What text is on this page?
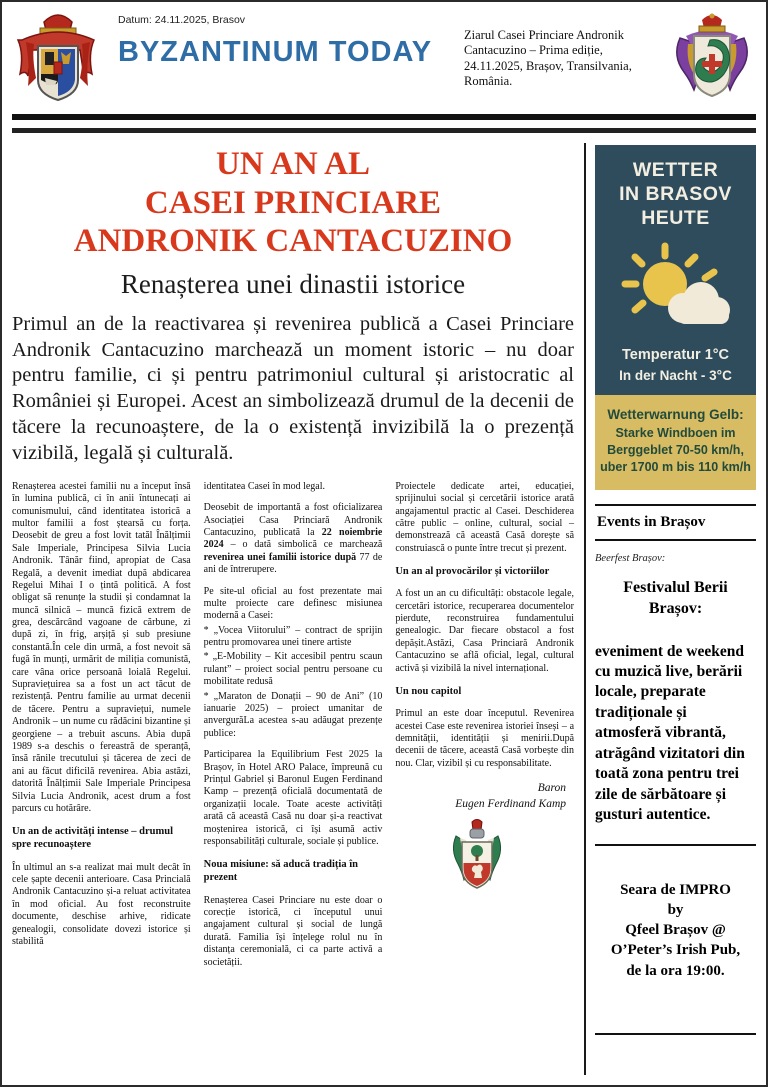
Datum: 24.11.2025, Brasov
BYZANTINUM TODAY
Ziarul Casei Princiare Andronik Cantacuzino – Prima ediție, 24.11.2025, Brașov, Transilvania, România.
UN AN AL
CASEI PRINCIARE
ANDRONIK CANTACUZINO
Renașterea unei dinastii istorice

Primul an de la reactivarea și revenirea publică a Casei Princiare Andronik Cantacuzino marchează un moment istoric – nu doar pentru familie, ci și pentru patrimoniul cultural și aristocratic al României și Europei. Acest an simbolizează drumul de la decenii de tăcere la recunoaștere, de la o existență invizibilă la o prezență vizibilă, legală și culturală.

Renașterea acestei familii nu a început însă în lumina publică, ci în anii întunecați ai comunismului, când identitatea istorică a multor familii a fost ștearsă cu forța. Deosebit de greu a fost lovit tatăl Înălțimii Sale Imperiale, Principesa Silvia Lucia Andronik. Tânăr fiind, apropiat de Casa Regală, a devenit imediat după abdicarea Regelui Mihai I o țintă politică. A fost obligat să renunțe la studii și condamnat la muncă silnică – muncă fizică extrem de grea, descărcând vagoane de cărbune, zi după zi, în frig, arșiță și sub presiune constantă.În cele din urmă, a fost nevoit să fugă în munți, urmărit de miliția comunistă, care vâna orice persoană loială Regelui. Supraviețuirea sa a fost un act tăcut de rezistență. Pentru familie au urmat decenii de tăcere. Pentru a supraviețui, numele Andronik – un nume cu rădăcini bizantine și georgiene – a trebuit ascuns. Abia după 1989 s-a deschis o fereastră de speranță, însă rănile trecutului și tăcerea de zeci de ani au făcut dificilă revenirea. Abia astăzi, datorită Înălțimii Sale Imperiale Principesa Silvia Lucia Andronik, acest drum a fost parcurs cu hotărâre.

Un an de activități intense – drumul spre recunoaștere

În ultimul an s-a realizat mai mult decât în cele șapte decenii anterioare. Casa Princială Andronik Cantacuzino și-a reluat activitatea în mod oficial. Au fost reconstruite documente, deschise arhive, ridicate genealogii, consolidate dovezi istorice și stabilită

identitatea Casei în mod legal.

Deosebit de importantă a fost oficializarea Asociației Casa Princiară Andronik Cantacuzino, publicată la 22 noiembrie 2024 – o dată simbolică ce marchează revenirea unei familii istorice după 77 de ani de întrerupere.

Pe site-ul oficial au fost prezentate mai multe proiecte care definesc misiunea modernă a Casei:

* „Vocea Viitorului” – contract de sprijin pentru promovarea unei tinere artiste

* „E-Mobility – Kit accesibil pentru scaun rulant” – proiect social pentru persoane cu mobilitate redusă

* „Maraton de Donații – 90 de Ani” (10 ianuarie 2025) – proiect umanitar de anvergurăLa acestea s-au adăugat prezențe publice:

Participarea la Equilibrium Fest 2025 la Brașov, în Hotel ARO Palace, împreună cu Prințul Gabriel și Baronul Eugen Ferdinand Kamp – prezență oficială documentată de organizații locale. Toate aceste activități arată că această Casă nu doar și-a reactivat moștenirea istorică, ci își asumă activ responsabilități culturale, sociale și publice.

Noua misiune: să aducă tradiția în prezent

Renașterea Casei Princiare nu este doar o corecție istorică, ci începutul unui angajament cultural și social de lungă durată. Familia își înțelege rolul nu în distanța ceremonială, ci ca parte activă a societății.

Proiectele dedicate artei, educației, sprijinului social și cercetării istorice arată angajamentul practic al Casei. Deschiderea către public – online, cultural, social – demonstrează că această Casă dorește să construiască o punte între trecut și prezent.

Un an al provocărilor și victoriilor

A fost un an cu dificultăți: obstacole legale, cercetări istorice, recuperarea documentelor pierdute, reconstruirea fundamentului genealogic. Dar fiecare obstacol a fost depășit.Astăzi, Casa Princiară Andronik Cantacuzino se află oficial, legal, cultural activă și vizibilă la nivel internațional.

Un nou capitol

Primul an este doar începutul. Revenirea acestei Case este revenirea istoriei înseși – a demnității, identității și menirii.După decenii de tăcere, această Casă vorbește din nou. Clar, vizibil și cu responsabilitate.

Baron
Eugen Ferdinand Kamp
WETTER
IN BRASOV
HEUTE
Temperatur 1°C
In der Nacht - 3°C
Wetterwarnung Gelb:
Starke Windboen im
Berggeblet 70-50 km/h,
uber 1700 m bis 110 km/h
Events in Brașov
Beerfest Brașov:
Festivalul Berii Brașov:
eveniment de weekend cu muzică live, berării locale, preparate tradiționale și atmosferă vibrantă, atrăgând vizitatori din toată zona pentru trei zile de sărbătoare și gusturi autentice.
Seara de IMPRO
by
Qfeel Brașov @
O’Peter’s Irish Pub,
de la ora 19:00.
